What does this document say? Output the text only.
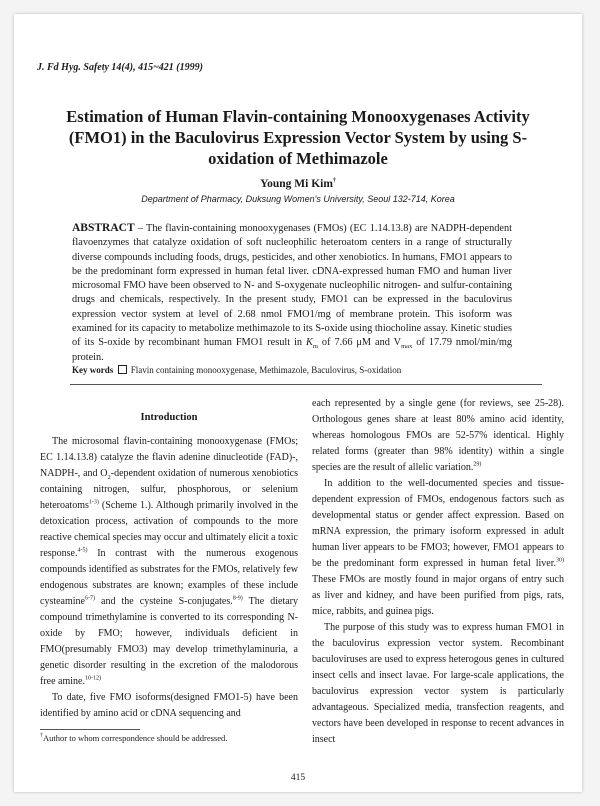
J. Fd Hyg. Safety 14(4), 415~421 (1999)
Estimation of Human Flavin-containing Monooxygenases Activity (FMO1) in the Baculovirus Expression Vector System by using S-oxidation of Methimazole
Young Mi Kim†
Department of Pharmacy, Duksung Women's University, Seoul 132-714, Korea
ABSTRACT – The flavin-containing monooxygenases (FMOs) (EC 1.14.13.8) are NADPH-dependent flavoenzymes that catalyze oxidation of soft nucleophilic heteroatom centers in a range of structurally diverse compounds including foods, drugs, pesticides, and other xenobiotics. In humans, FMO1 appears to be the predominant form expressed in human fetal liver. cDNA-expressed human FMO and human liver microsomal FMO have been observed to N- and S-oxygenate nucleophilic nitrogen- and sulfur-containing drugs and chemicals, respectively. In the present study, FMO1 can be expressed in the baculovirus expression vector system at level of 2.68 nmol FMO1/mg of membrane protein. This isoform was examined for its capacity to metabolize methimazole to its S-oxide using thiocholine assay. Kinetic studies of its S-oxide by recombinant human FMO1 result in $K_m$ of 7.66 μM and $V_{max}$ of 17.79 nmol/min/mg protein.
Key words Flavin containing monooxygenase, Methimazole, Baculovirus, S-oxidation
Introduction

The microsomal flavin-containing monooxygenase (FMOs; EC 1.14.13.8) catalyze the flavin adenine dinucleotide (FAD)-, NADPH-, and $O_2$-dependent oxidation of numerous xenobiotics containing nitrogen, sulfur, phosphorous, or selenium heteroatoms$^{1-3)}$ (Scheme 1.). Although primarily involved in the detoxication process, activation of compounds to the more reactive chemical species may occur and ultimately elicit a toxic response.$^{4-5)}$ In contrast with the numerous exogenous compounds identified as substrates for the FMOs, relatively few endogenous substrates are known; examples of these include cysteamine$^{6-7)}$ and the cysteine S-conjugates.$^{8-9)}$ The dietary compound trimethylamine is converted to its corresponding N-oxide by FMO; however, individuals deficient in FMO(presumably FMO3) may develop trimethylaminuria, a genetic disorder resulting in the excretion of the malodorous free amine.$^{10-12)}$

To date, five FMO isoforms(designed FMO1-5) have been identified by amino acid or cDNA sequencing and

each represented by a single gene (for reviews, see 25-28). Orthologous genes share at least 80% amino acid identity, whereas homologous FMOs are 52-57% identical. Highly related forms (greater than 98% identity) within a single species are the result of allelic variation.$^{29)}$

In addition to the well-documented species and tissue-dependent expression of FMOs, endogenous factors such as developmental status or gender affect expression. Based on mRNA expression, the primary isoform expressed in adult human liver appears to be FMO3; however, FMO1 appears to be the predominant form expressed in human fetal liver.$^{30)}$ These FMOs are mostly found in major organs of entry such as liver and kidney, and have been purified from pigs, rats, mice, rabbits, and guinea pigs.

The purpose of this study was to express human FMO1 in the baculovirus expression vector system. Recombinant baculoviruses are used to express heterogous genes in cultured insect cells and insect lavae. For large-scale applications, the baculovirus expression vector system is particularly advantageous. Specialized media, transfection reagents, and vectors have been developed in response to recent advances in insect

†Author to whom correspondence should be addressed.
415
